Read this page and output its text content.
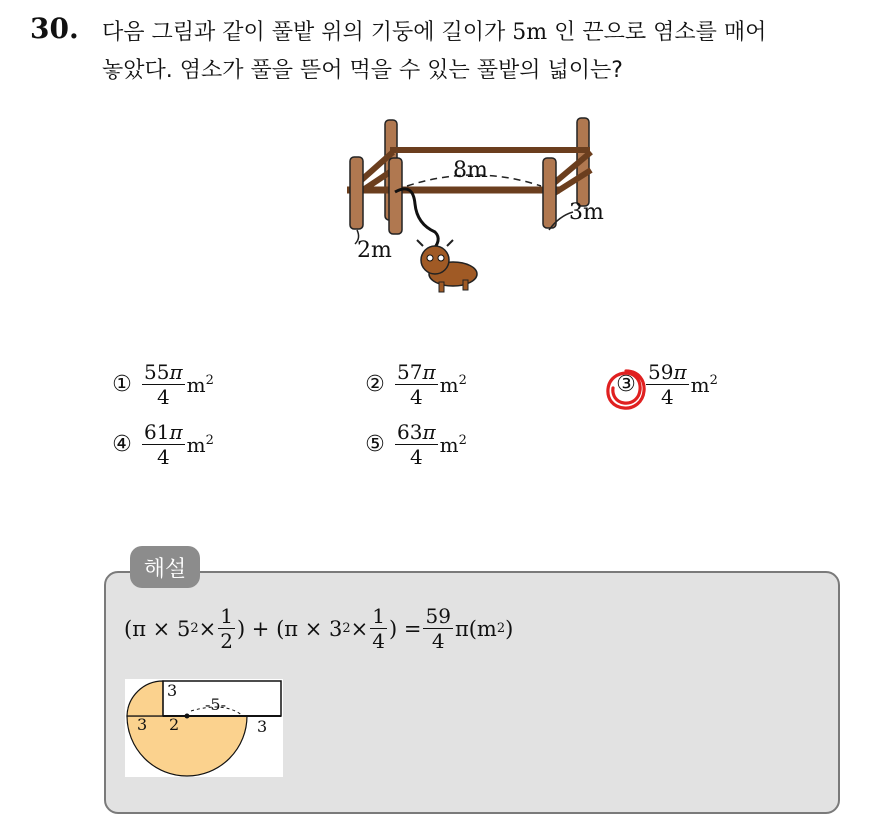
30. 다음 그림과 같이 풀밭 위의 기둥에 길이가 5m 인 끈으로 염소를 매어
놓았다. 염소가 풀을 뜯어 먹을 수 있는 풀밭의 넓이는?
8m
3m
2m
① $\frac{55\pi}{4} m^2$	② $\frac{57\pi}{4} m^2$	③ $\frac{59\pi}{4} m^2$
④ $\frac{61\pi}{4} m^2$	⑤ $\frac{63\pi}{4} m^2$
해설
(π × 5 $2 \times \frac{1}{2}$ ) + (π × 3 $2 \times \frac{1}{4}$ ) = $\frac{59}{4} \pi(m$ 2 )
3
3 2
-5-
3
